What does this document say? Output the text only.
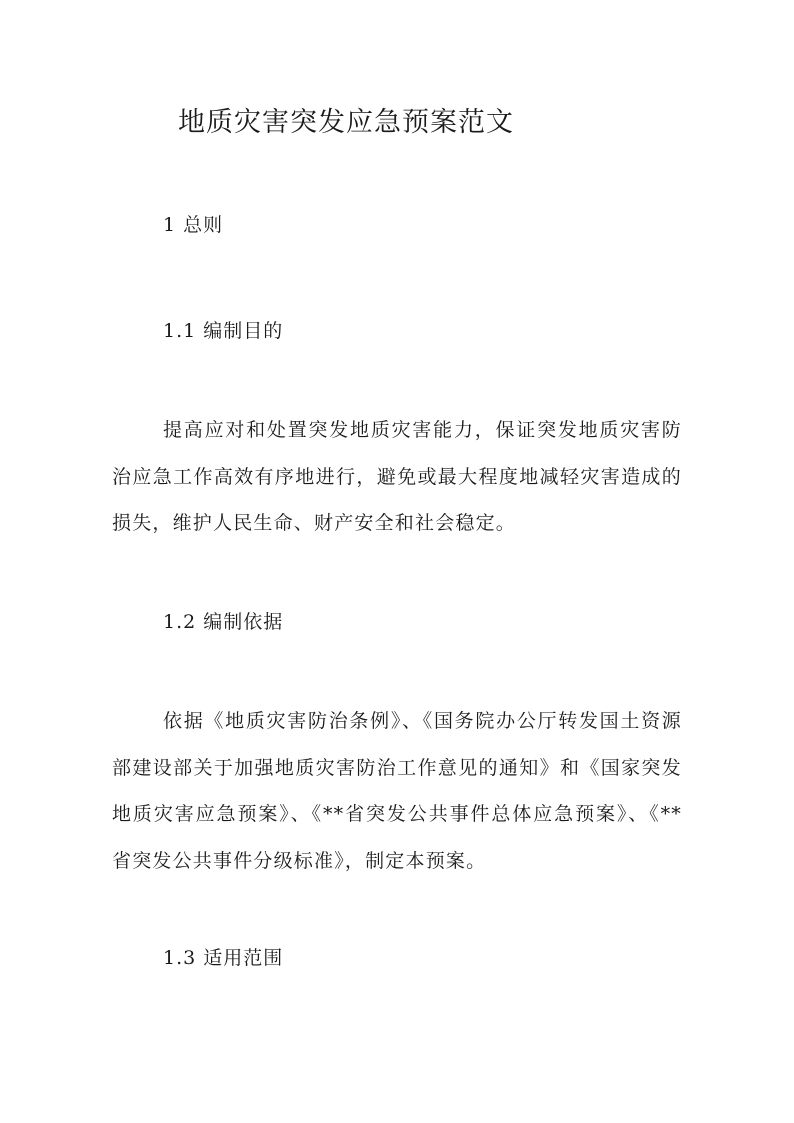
地质灾害突发应急预案范文
1 总则
1.1 编制目的

提高应对和处置突发地质灾害能力，保证突发地质灾害防治应急工作高效有序地进行，避免或最大程度地减轻灾害造成的损失，维护人民生命、财产安全和社会稳定。

1.2 编制依据

依据《地质灾害防治条例》、《国务院办公厅转发国土资源部建设部关于加强地质灾害防治工作意见的通知》和《国家突发地质灾害应急预案》、《**省突发公共事件总体应急预案》、《**省突发公共事件分级标准》，制定本预案。

1.3 适用范围
